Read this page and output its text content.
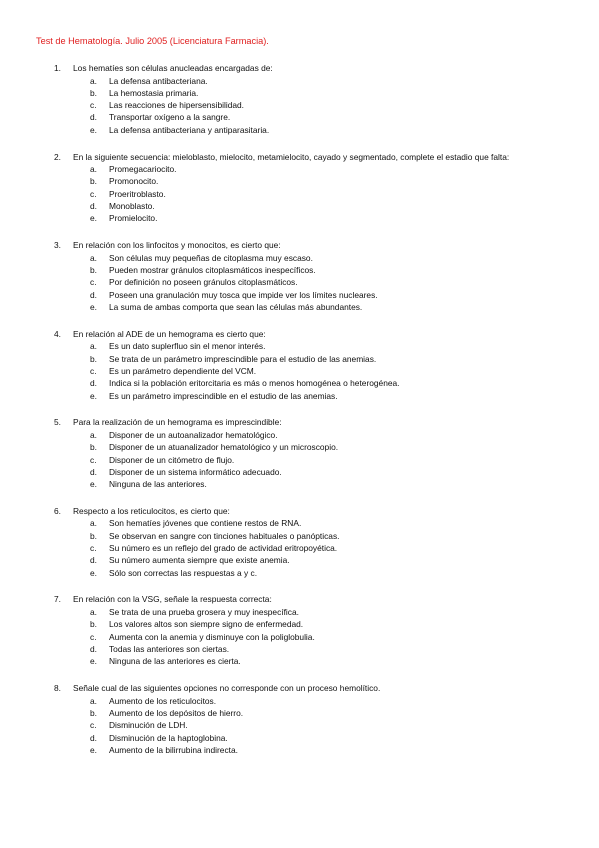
Test de Hematología. Julio 2005 (Licenciatura Farmacia).
1. Los hematíes son células anucleadas encargadas de:
a. La defensa antibacteriana.
b. La hemostasia primaria.
c. Las reacciones de hipersensibilidad.
d. Transportar oxígeno a la sangre.
e. La defensa antibacteriana y antiparasitaria.
2. En la siguiente secuencia: mieloblasto, mielocito, metamielocito, cayado y segmentado, complete el estadio que falta:
a. Promegacariocito.
b. Promonocito.
c. Proeritroblasto.
d. Monoblasto.
e. Promielocito.
3. En relación con los linfocitos y monocitos, es cierto que:
a. Son células muy pequeñas de citoplasma muy escaso.
b. Pueden mostrar gránulos citoplasmáticos inespecíficos.
c. Por definición no poseen gránulos citoplasmáticos.
d. Poseen una granulación muy tosca que impide ver los límites nucleares.
e. La suma de ambas comporta que sean las células más abundantes.
4. En relación al ADE de un hemograma es cierto que:
a. Es un dato suplerfluo sin el menor interés.
b. Se trata de un parámetro imprescindible para el estudio de las anemias.
c. Es un parámetro dependiente del VCM.
d. Indica si la población eritorcitaria es más o menos homogénea o heterogénea.
e. Es un parámetro imprescindible en el estudio de las anemias.
5. Para la realización de un hemograma es imprescindible:
a. Disponer de un autoanalizador hematológico.
b. Disponer de un atuanalizador hematológico y un microscopio.
c. Disponer de un citómetro de flujo.
d. Disponer de un sistema informático adecuado.
e. Ninguna de las anteriores.
6. Respecto a los reticulocitos, es cierto que:
a. Son hematíes jóvenes que contiene restos de RNA.
b. Se observan en sangre con tinciones habituales o panópticas.
c. Su número es un reflejo del grado de actividad eritropoyética.
d. Su número aumenta siempre que existe anemia.
e. Sólo son correctas las respuestas a y c.
7. En relación con la VSG, señale la respuesta correcta:
a. Se trata de una prueba grosera y muy inespecífica.
b. Los valores altos son siempre signo de enfermedad.
c. Aumenta con la anemia y disminuye con la poliglobulia.
d. Todas las anteriores son ciertas.
e. Ninguna de las anteriores es cierta.
8. Señale cual de las siguientes opciones no corresponde con un proceso hemolítico.
a. Aumento de los reticulocitos.
b. Aumento de los depósitos de hierro.
c. Disminución de LDH.
d. Disminución de la haptoglobina.
e. Aumento de la bilirrubina indirecta.
